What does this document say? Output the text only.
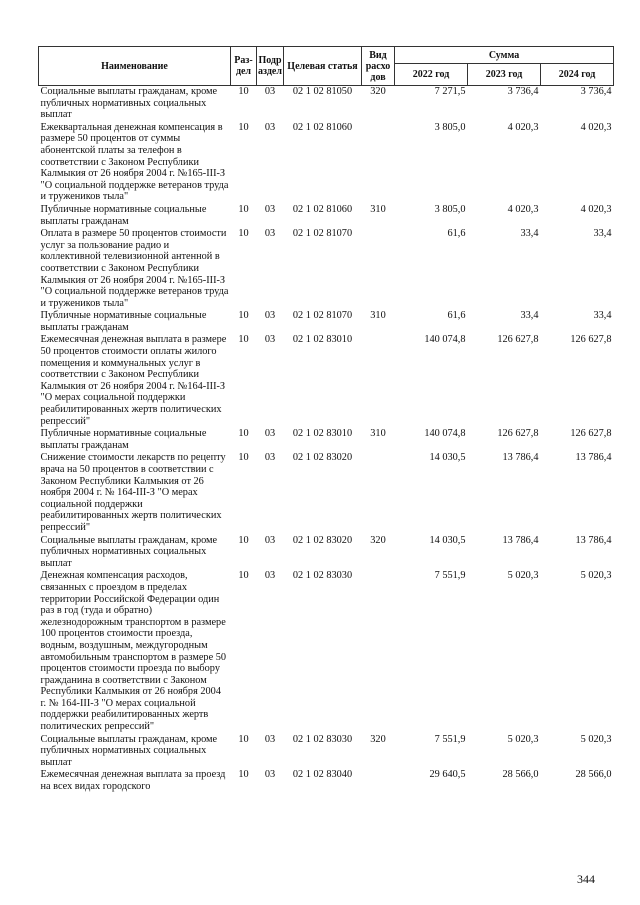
Наименование	Раз-дел	Подр аздел	Целевая статья	Вид расхо дов	Сумма		
					2022 год	2023 год	2024 год
Социальные выплаты гражданам, кроме публичных нормативных социальных выплат	10	03	02 1 02 81050	320	7 271,5	3 736,4	3 736,4
Ежеквартальная денежная компенсация в размере 50 процентов от суммы абонентской платы за телефон в соответствии с Законом Республики Калмыкия от 26 ноября 2004 г. №165-III-З "О социальной поддержке ветеранов труда и тружеников тыла"	10	03	02 1 02 81060		3 805,0	4 020,3	4 020,3
Публичные нормативные социальные выплаты гражданам	10	03	02 1 02 81060	310	3 805,0	4 020,3	4 020,3
Оплата в размере 50 процентов стоимости услуг за пользование радио и коллективной телевизионной антенной в соответствии с Законом Республики Калмыкия от 26 ноября 2004 г. №165-III-З "О социальной поддержке ветеранов труда и тружеников тыла"	10	03	02 1 02 81070		61,6	33,4	33,4
Публичные нормативные социальные выплаты гражданам	10	03	02 1 02 81070	310	61,6	33,4	33,4
Ежемесячная денежная выплата в размере 50 процентов стоимости оплаты жилого помещения и коммунальных услуг в соответствии с Законом Республики Калмыкия от 26 ноября 2004 г. №164-III-З "О мерах социальной поддержки реабилитированных жертв политических репрессий"	10	03	02 1 02 83010		140 074,8	126 627,8	126 627,8
Публичные нормативные социальные выплаты гражданам	10	03	02 1 02 83010	310	140 074,8	126 627,8	126 627,8
Снижение стоимости лекарств по рецепту врача на 50 процентов в соответствии с Законом Республики Калмыкия от 26 ноября 2004 г. № 164-III-З "О мерах социальной поддержки реабилитированных жертв политических репрессий"	10	03	02 1 02 83020		14 030,5	13 786,4	13 786,4
Социальные выплаты гражданам, кроме публичных нормативных социальных выплат	10	03	02 1 02 83020	320	14 030,5	13 786,4	13 786,4
Денежная компенсация расходов, связанных с проездом в пределах территории Российской Федерации один раз в год (туда и обратно) железнодорожным транспортом в размере 100 процентов стоимости проезда, водным, воздушным, междугородным автомобильным транспортом в размере 50 процентов стоимости проезда по выбору гражданина в соответствии с Законом Республики Калмыкия от 26 ноября 2004 г. № 164-III-З "О мерах социальной поддержки реабилитированных жертв политических репрессий"	10	03	02 1 02 83030		7 551,9	5 020,3	5 020,3
Социальные выплаты гражданам, кроме публичных нормативных социальных выплат	10	03	02 1 02 83030	320	7 551,9	5 020,3	5 020,3
Ежемесячная денежная выплата за проезд на всех видах городского	10	03	02 1 02 83040		29 640,5	28 566,0	28 566,0
344
